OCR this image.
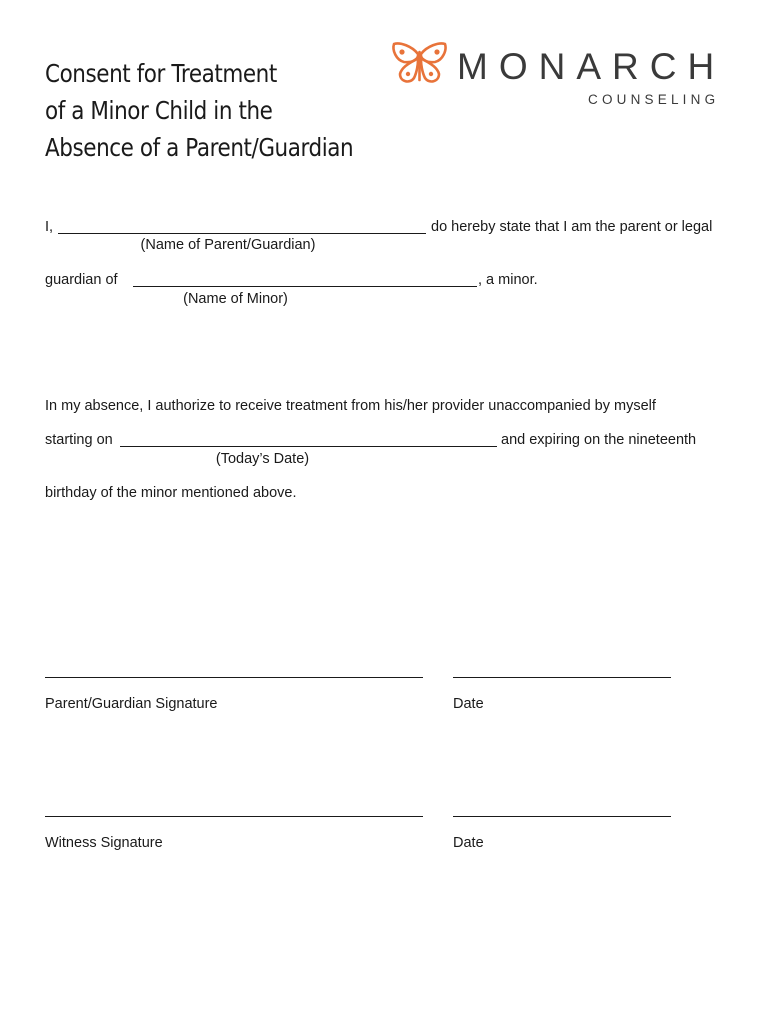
Consent for Treatment
of a Minor Child in the
Absence of a Parent/Guardian
MONARCH
COUNSELING
I,	do hereby state that I am the parent or legal
(Name of Parent/Guardian)
guardian of	, a minor.
(Name of Minor)
In my absence, I authorize to receive treatment from his/her provider unaccompanied by myself
starting on	and expiring on the nineteenth
(Today’s Date)
birthday of the minor mentioned above.
Parent/Guardian Signature	Date
Witness Signature	Date
